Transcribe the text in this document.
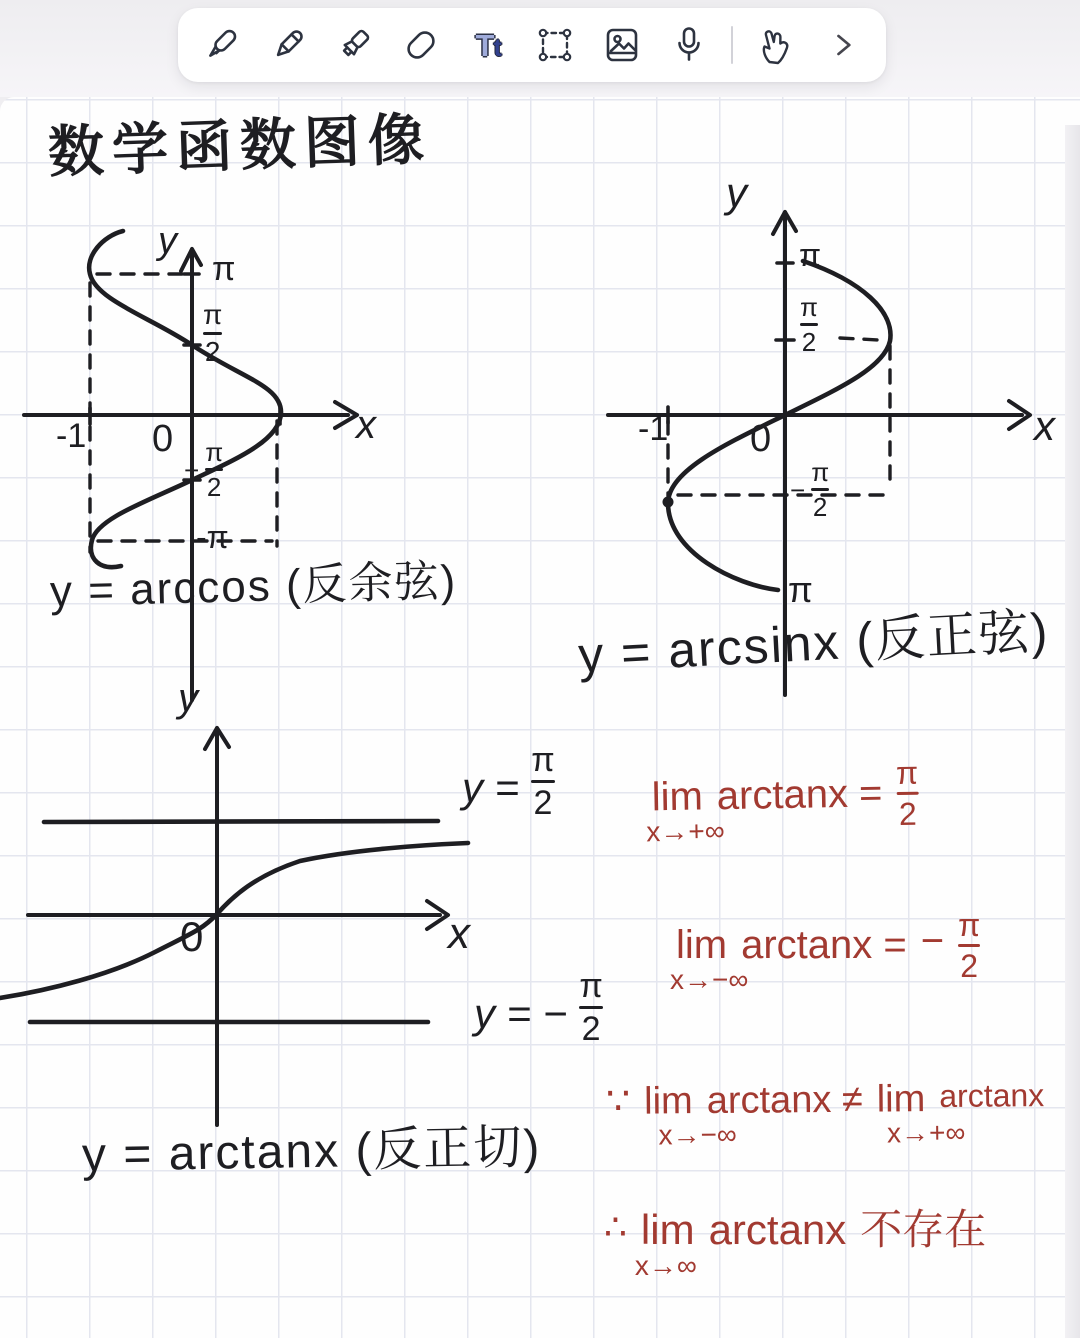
Tt
数学函数图像
y
x
π
π
2
0
− $\frac{\pi}{2}$
-π
-1
y = arccos (反余弦)
y
x
π
π
2
0
-1
− $\frac{\pi}{2}$
π
y = arcsinx (反正弦)
y
x
0
$y = \frac{\pi}{2}$
y = − $\frac{\pi}{2}$
y = arctanx (反正切)
lim
x→+∞
$\arctan x = \frac{\pi}{2}$
lim
x→−∞
arctanx = − $\frac{\pi}{2}$
∵ lim
x→−∞
arctanx ≠ lim
x→+∞
arctanx
∴ lim
x→∞
arctanx 不存在
